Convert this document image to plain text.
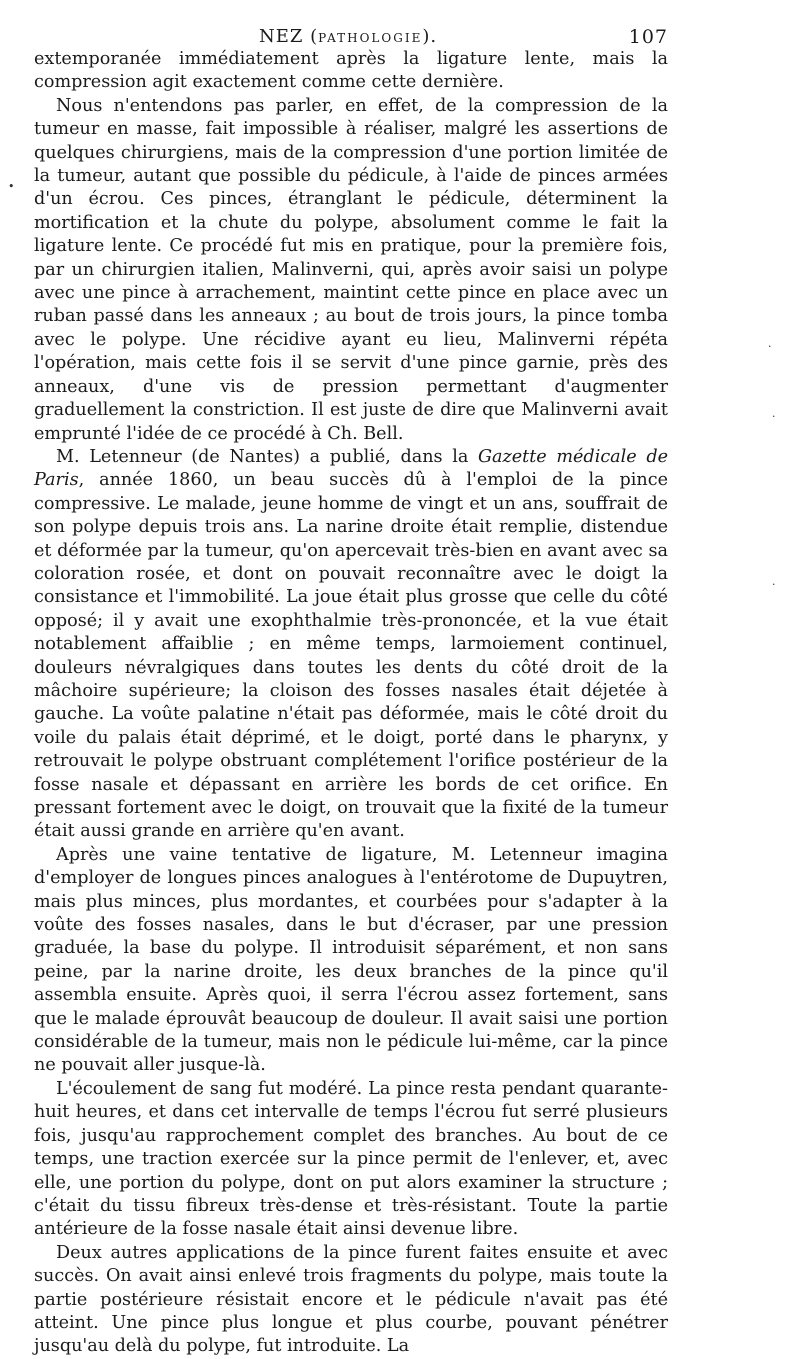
NEZ (PATHOLOGIE).	107

extemporanée immédiatement après la ligature lente, mais la compression agit exactement comme cette dernière.

Nous n'entendons pas parler, en effet, de la compression de la tumeur en masse, fait impossible à réaliser, malgré les assertions de quelques chirurgiens, mais de la compression d'une portion limitée de la tumeur, autant que possible du pédicule, à l'aide de pinces armées d'un écrou. Ces pinces, étranglant le pédicule, déterminent la mortification et la chute du polype, absolument comme le fait la ligature lente. Ce procédé fut mis en pratique, pour la première fois, par un chirurgien italien, Malinverni, qui, après avoir saisi un polype avec une pince à arrachement, maintint cette pince en place avec un ruban passé dans les anneaux ; au bout de trois jours, la pince tomba avec le polype. Une récidive ayant eu lieu, Malinverni répéta l'opération, mais cette fois il se servit d'une pince garnie, près des anneaux, d'une vis de pression permettant d'augmenter graduellement la constriction. Il est juste de dire que Malinverni avait emprunté l'idée de ce procédé à Ch. Bell.

M. Letenneur (de Nantes) a publié, dans la Gazette médicale de Paris, année 1860, un beau succès dû à l'emploi de la pince compressive. Le malade, jeune homme de vingt et un ans, souffrait de son polype depuis trois ans. La narine droite était remplie, distendue et déformée par la tumeur, qu'on apercevait très-bien en avant avec sa coloration rosée, et dont on pouvait reconnaître avec le doigt la consistance et l'immobilité. La joue était plus grosse que celle du côté opposé; il y avait une exophthalmie très-prononcée, et la vue était notablement affaiblie ; en même temps, larmoiement continuel, douleurs névralgiques dans toutes les dents du côté droit de la mâchoire supérieure; la cloison des fosses nasales était déjetée à gauche. La voûte palatine n'était pas déformée, mais le côté droit du voile du palais était déprimé, et le doigt, porté dans le pharynx, y retrouvait le polype obstruant complétement l'orifice postérieur de la fosse nasale et dépassant en arrière les bords de cet orifice. En pressant fortement avec le doigt, on trouvait que la fixité de la tumeur était aussi grande en arrière qu'en avant.

Après une vaine tentative de ligature, M. Letenneur imagina d'employer de longues pinces analogues à l'entérotome de Dupuytren, mais plus minces, plus mordantes, et courbées pour s'adapter à la voûte des fosses nasales, dans le but d'écraser, par une pression graduée, la base du polype. Il introduisit séparément, et non sans peine, par la narine droite, les deux branches de la pince qu'il assembla ensuite. Après quoi, il serra l'écrou assez fortement, sans que le malade éprouvât beaucoup de douleur. Il avait saisi une portion considérable de la tumeur, mais non le pédicule lui-même, car la pince ne pouvait aller jusque-là.

L'écoulement de sang fut modéré. La pince resta pendant quarante-huit heures, et dans cet intervalle de temps l'écrou fut serré plusieurs fois, jusqu'au rapprochement complet des branches. Au bout de ce temps, une traction exercée sur la pince permit de l'enlever, et, avec elle, une portion du polype, dont on put alors examiner la structure ; c'était du tissu fibreux très-dense et très-résistant. Toute la partie antérieure de la fosse nasale était ainsi devenue libre.

Deux autres applications de la pince furent faites ensuite et avec succès. On avait ainsi enlevé trois fragments du polype, mais toute la partie postérieure résistait encore et le pédicule n'avait pas été atteint. Une pince plus longue et plus courbe, pouvant pénétrer jusqu'au delà du polype, fut introduite. La

•
·
·
·
